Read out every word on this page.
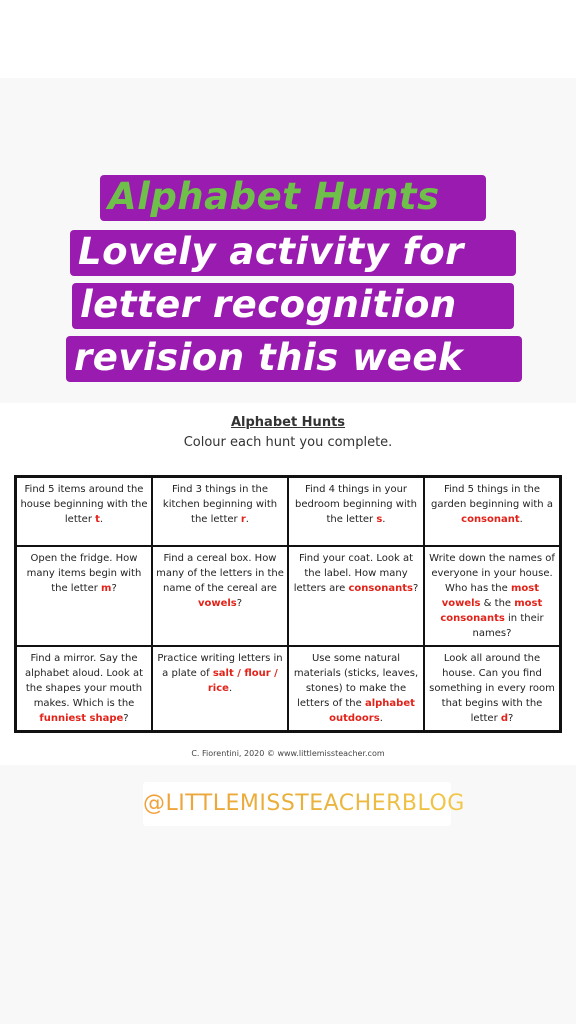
Alphabet Hunts
Lovely activity for
letter recognition
revision this week
Alphabet Hunts
Colour each hunt you complete.
Find 5 items around the house beginning with the letter t.
Find 3 things in the kitchen beginning with the letter r.
Find 4 things in your bedroom beginning with the letter s.
Find 5 things in the garden beginning with a consonant.
Open the fridge. How many items begin with the letter m?
Find a cereal box. How many of the letters in the name of the cereal are vowels?
Find your coat. Look at the label. How many letters are consonants?
Write down the names of everyone in your house. Who has the most vowels & the most consonants in their names?
Find a mirror. Say the alphabet aloud. Look at the shapes your mouth makes. Which is the funniest shape?
Practice writing letters in a plate of salt / flour / rice.
Use some natural materials (sticks, leaves, stones) to make the letters of the alphabet outdoors.
Look all around the house. Can you find something in every room that begins with the letter d?
C. Fiorentini, 2020 © www.littlemissteacher.com
@LITTLEMISSTEACHERBLOG
